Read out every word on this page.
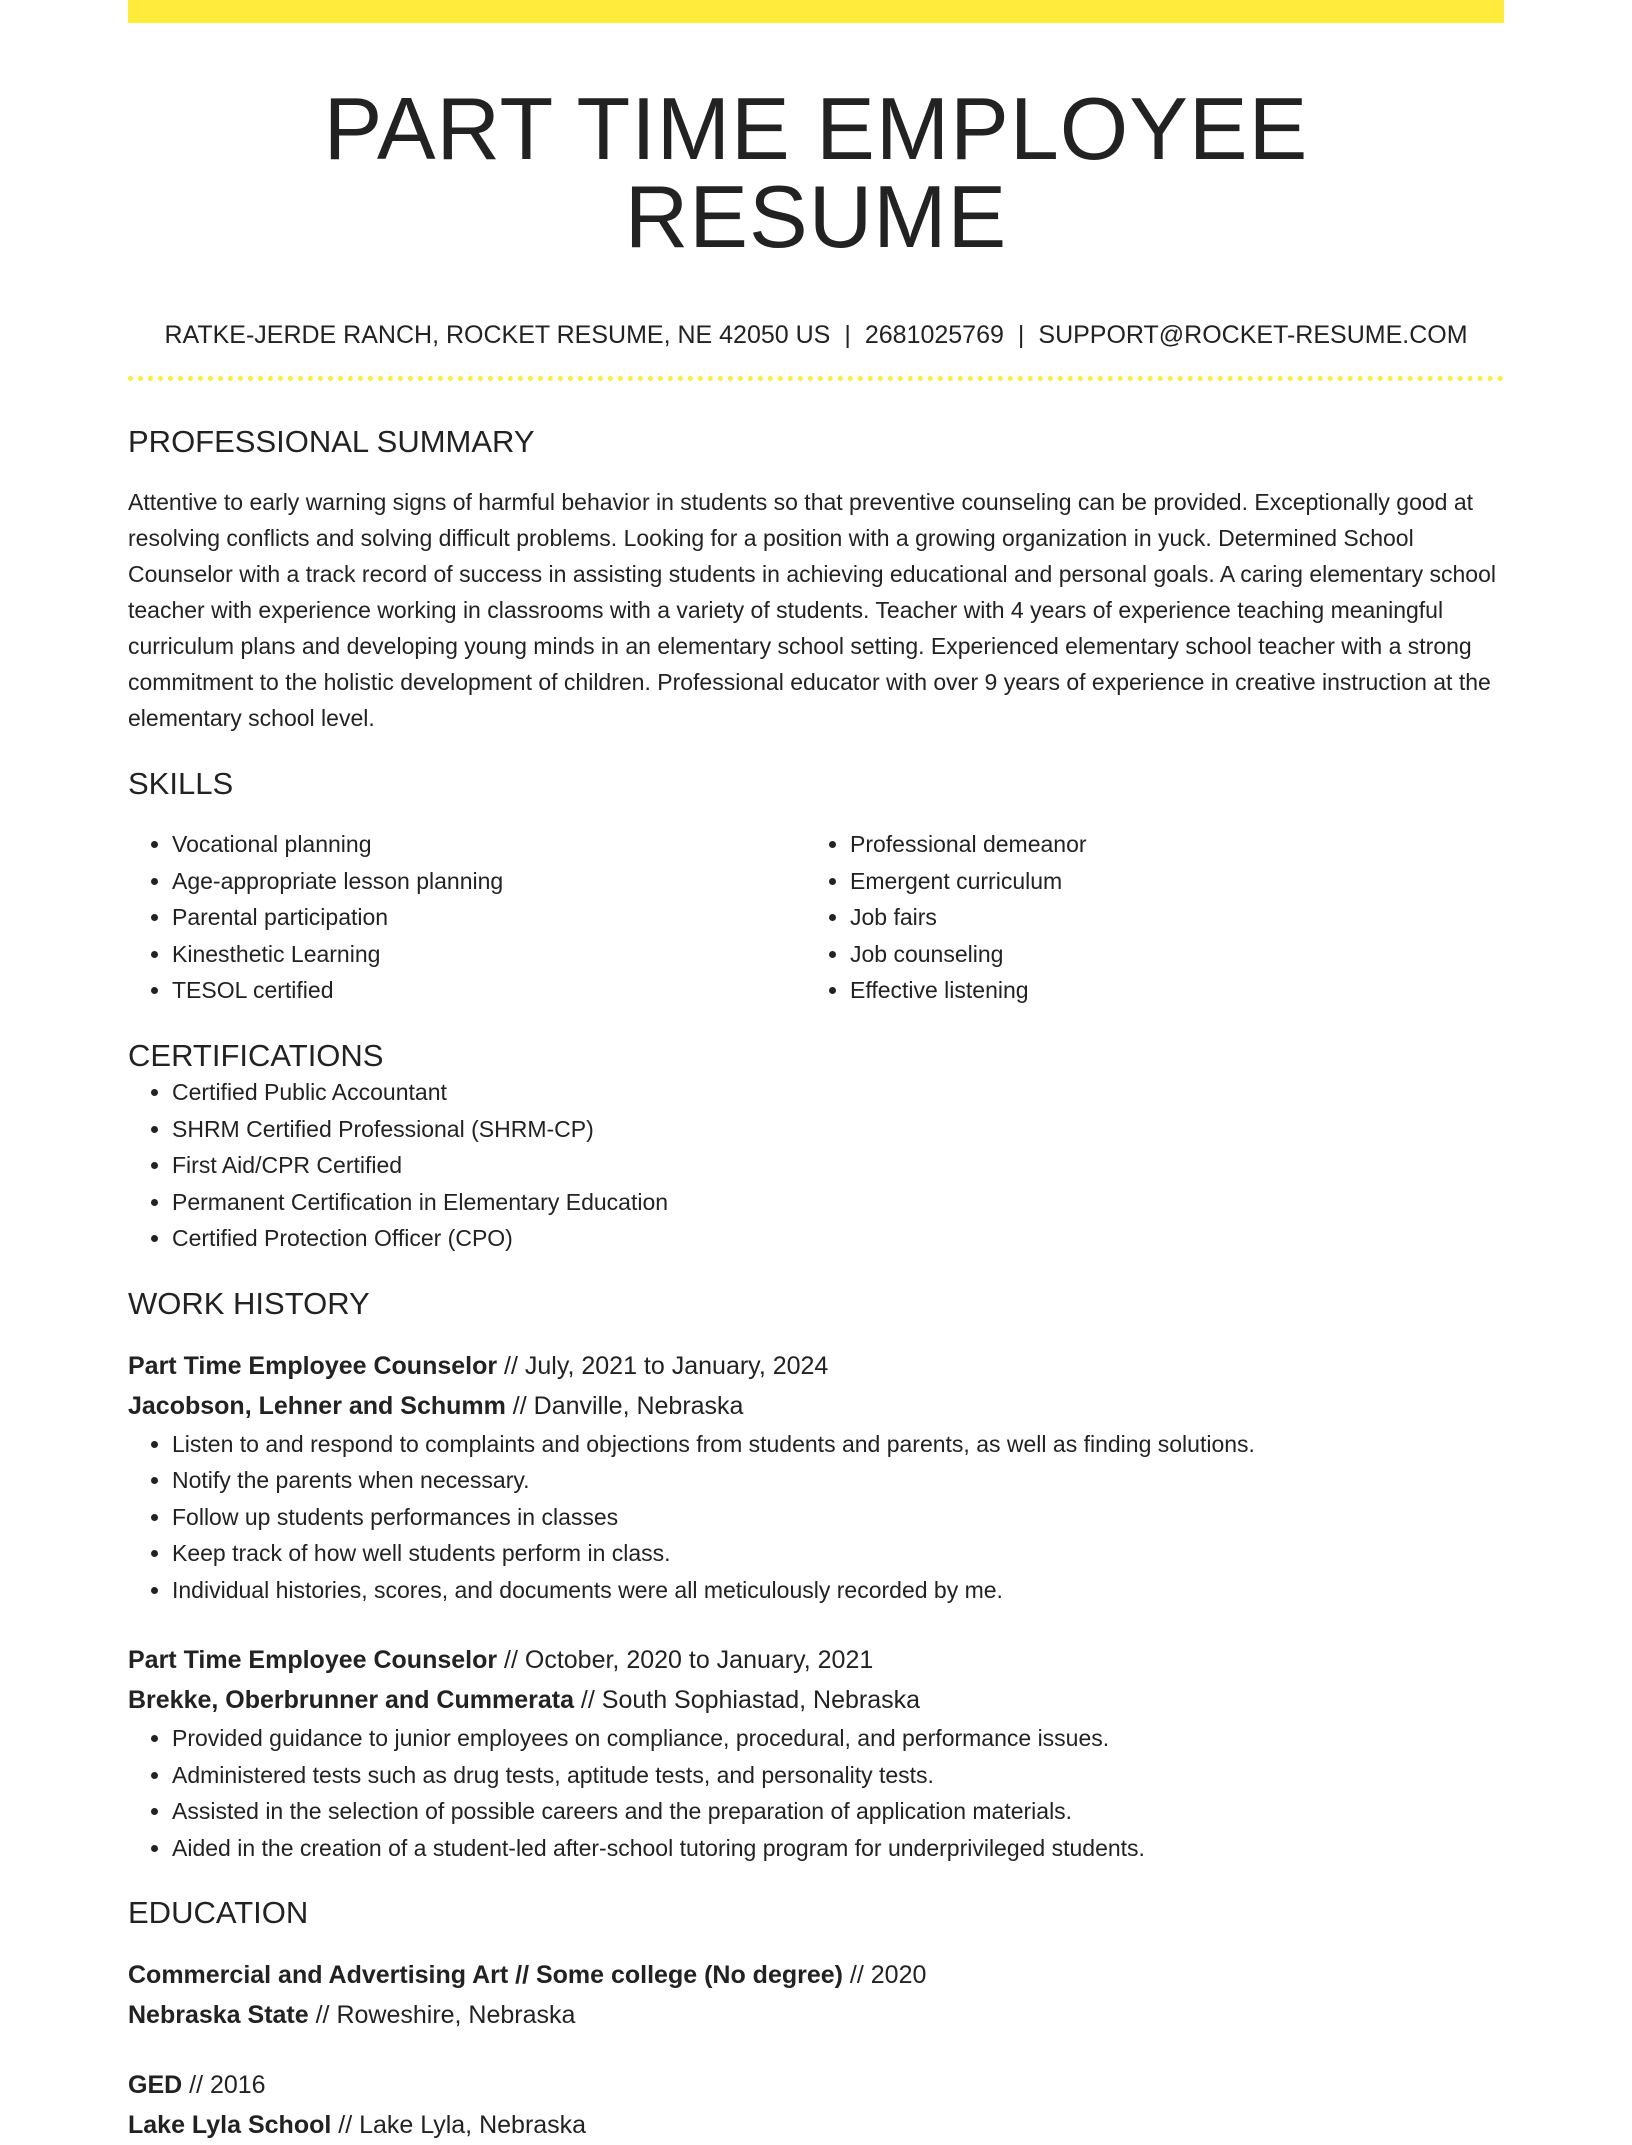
PART TIME EMPLOYEE RESUME
RATKE-JERDE RANCH, ROCKET RESUME, NE 42050 US | 2681025769 | SUPPORT@ROCKET-RESUME.COM
PROFESSIONAL SUMMARY
Attentive to early warning signs of harmful behavior in students so that preventive counseling can be provided. Exceptionally good at resolving conflicts and solving difficult problems. Looking for a position with a growing organization in yuck. Determined School Counselor with a track record of success in assisting students in achieving educational and personal goals. A caring elementary school teacher with experience working in classrooms with a variety of students. Teacher with 4 years of experience teaching meaningful curriculum plans and developing young minds in an elementary school setting. Experienced elementary school teacher with a strong commitment to the holistic development of children. Professional educator with over 9 years of experience in creative instruction at the elementary school level.
SKILLS
• Vocational planning
• Age-appropriate lesson planning
• Parental participation
• Kinesthetic Learning
• TESOL certified
• Professional demeanor
• Emergent curriculum
• Job fairs
• Job counseling
• Effective listening
CERTIFICATIONS
• Certified Public Accountant
• SHRM Certified Professional (SHRM-CP)
• First Aid/CPR Certified
• Permanent Certification in Elementary Education
• Certified Protection Officer (CPO)
WORK HISTORY
Part Time Employee Counselor // July, 2021 to January, 2024
Jacobson, Lehner and Schumm // Danville, Nebraska
• Listen to and respond to complaints and objections from students and parents, as well as finding solutions.
• Notify the parents when necessary.
• Follow up students performances in classes
• Keep track of how well students perform in class.
• Individual histories, scores, and documents were all meticulously recorded by me.
Part Time Employee Counselor // October, 2020 to January, 2021
Brekke, Oberbrunner and Cummerata // South Sophiastad, Nebraska
• Provided guidance to junior employees on compliance, procedural, and performance issues.
• Administered tests such as drug tests, aptitude tests, and personality tests.
• Assisted in the selection of possible careers and the preparation of application materials.
• Aided in the creation of a student-led after-school tutoring program for underprivileged students.
EDUCATION
Commercial and Advertising Art // Some college (No degree) // 2020
Nebraska State // Roweshire, Nebraska
GED // 2016
Lake Lyla School // Lake Lyla, Nebraska
